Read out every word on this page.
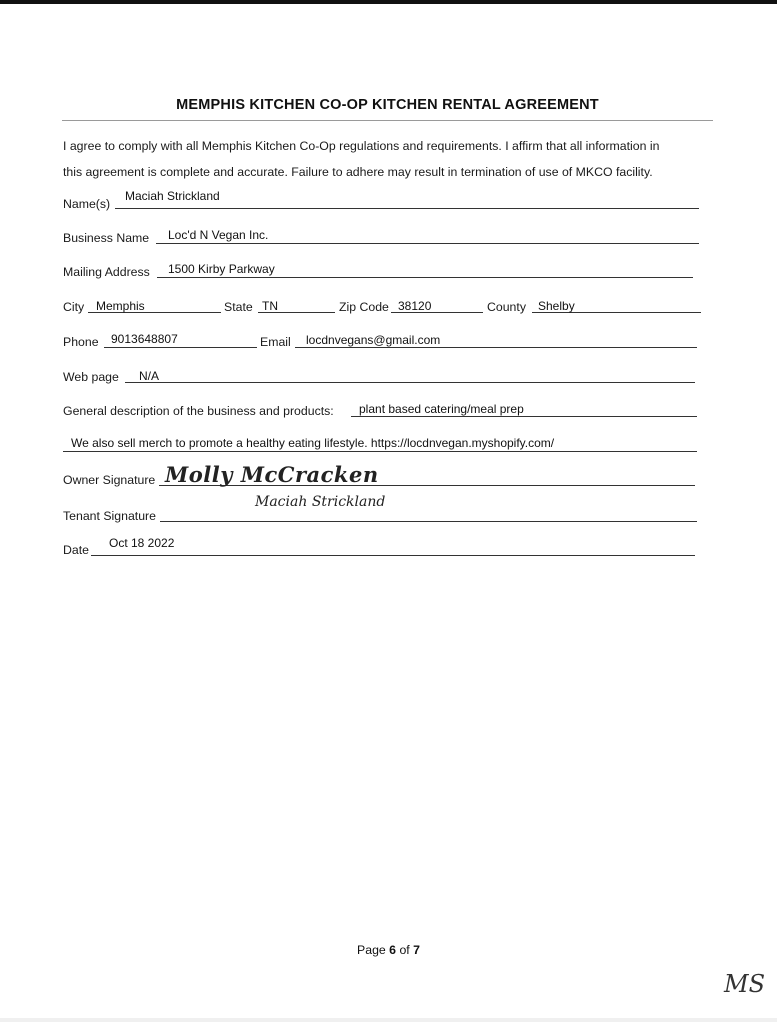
MEMPHIS KITCHEN CO-OP KITCHEN RENTAL AGREEMENT
I agree to comply with all Memphis Kitchen Co-Op regulations and requirements. I affirm that all information in
this agreement is complete and accurate. Failure to adhere may result in termination of use of MKCO facility.
Name(s)
Maciah Strickland
Business Name Loc'd N Vegan Inc.
Mailing Address 1500 Kirby Parkway
City Memphis	State TN	Zip Code 38120	County Shelby
Phone 9013648807	Email locdnvegans@gmail.com
Web page N/A
General description of the business and products: plant based catering/meal prep
We also sell merch to promote a healthy eating lifestyle. https://locdnvegan.myshopify.com/
Owner Signature Molly McCracken
Tenant Signature
Maciah Strickland
Date Oct 18 2022
Page 6 of 7
MS
